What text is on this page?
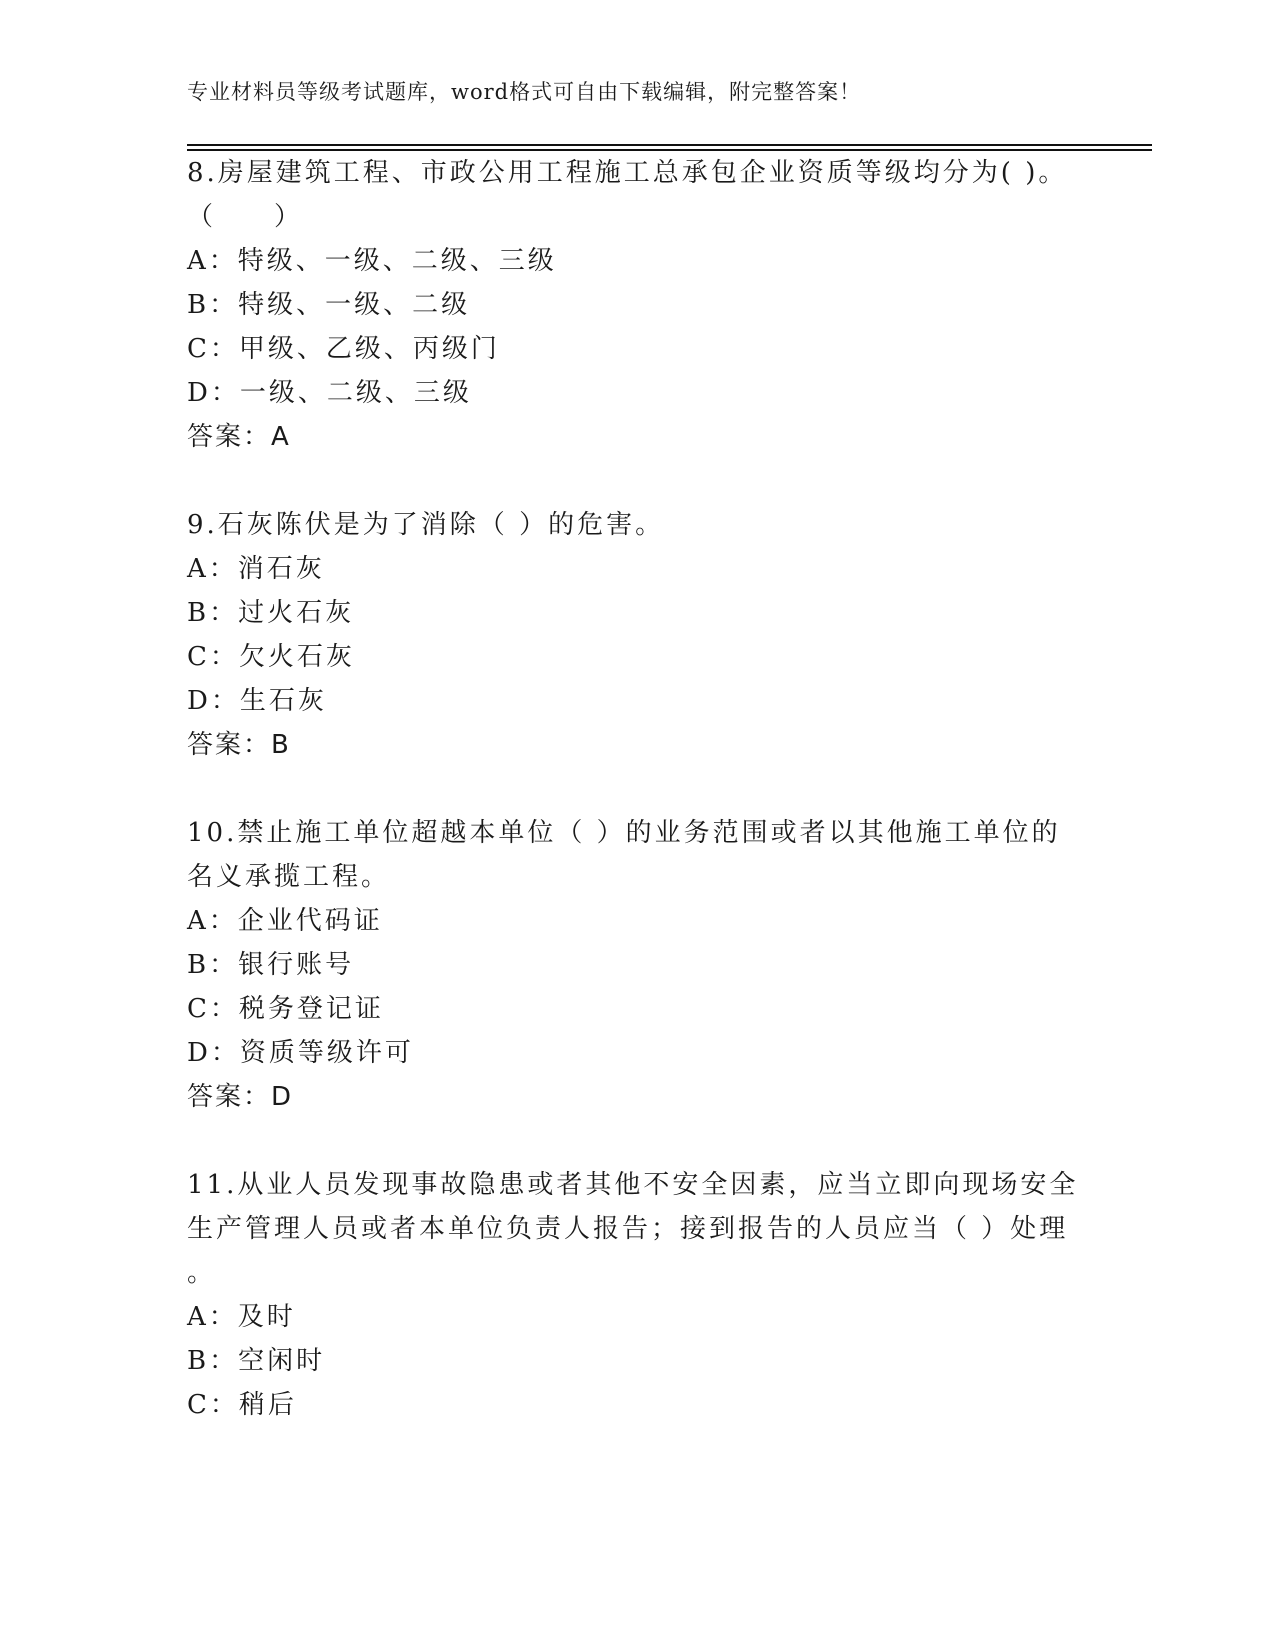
专业材料员等级考试题库，word格式可自由下载编辑，附完整答案！
8.房屋建筑工程、市政公用工程施工总承包企业资质等级均分为( )。
（　　）
A：特级、一级、二级、三级
B：特级、一级、二级
C：甲级、乙级、丙级门
D：一级、二级、三级
答案：A
9.石灰陈伏是为了消除（ ）的危害。
A：消石灰
B：过火石灰
C：欠火石灰
D：生石灰
答案：B
10.禁止施工单位超越本单位（ ）的业务范围或者以其他施工单位的
名义承揽工程。
A：企业代码证
B：银行账号
C：税务登记证
D：资质等级许可
答案：D
11.从业人员发现事故隐患或者其他不安全因素，应当立即向现场安全
生产管理人员或者本单位负责人报告；接到报告的人员应当（ ）处理
。
A：及时
B：空闲时
C：稍后
